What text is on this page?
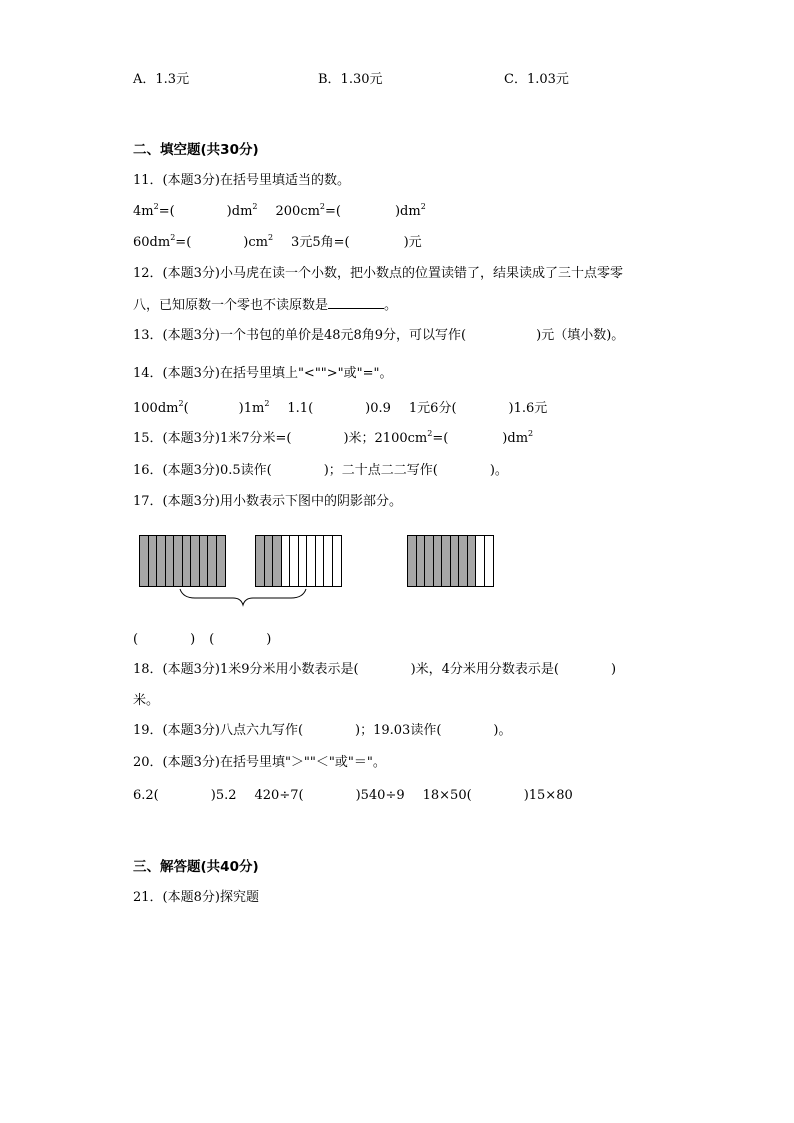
A．1.3元	B．1.30元	C．1.03元
二、填空题(共30分)
11．(本题3分)在括号里填适当的数。
$4m^2=$(	)$dm^2$ $200cm^2=$(	)$dm^2$
$60dm^2=$(	)$cm^2$ 3元5角=(	)元
12．(本题3分)小马虎在读一个小数，把小数点的位置读错了，结果读成了三十点零零
八，已知原数一个零也不读原数是	。
13．(本题3分)一个书包的单价是48元8角9分，可以写作(	)元（填小数)。
14．(本题3分)在括号里填上"<"">"或"="。
$100dm^2$(	)$1m^2$ 1.1(	)0.9 1元6分(	)1.6元
15．(本题3分)1米7分米=(	)米；$2100cm^2=$(	)$dm^2$
16．(本题3分)0.5读作(	)；二十点二二写作(	)。
17．(本题3分)用小数表示下图中的阴影部分。
(	) (	)
18．(本题3分)1米9分米用小数表示是(	)米，4分米用分数表示是(	)
米。
19．(本题3分)八点六九写作(	)；19.03读作(	)。
20．(本题3分)在括号里填"＞""＜"或"＝"。
6.2(	)5.2 420÷7(	)540÷9 18×50(	)15×80
三、解答题(共40分)
21．(本题8分)探究题
